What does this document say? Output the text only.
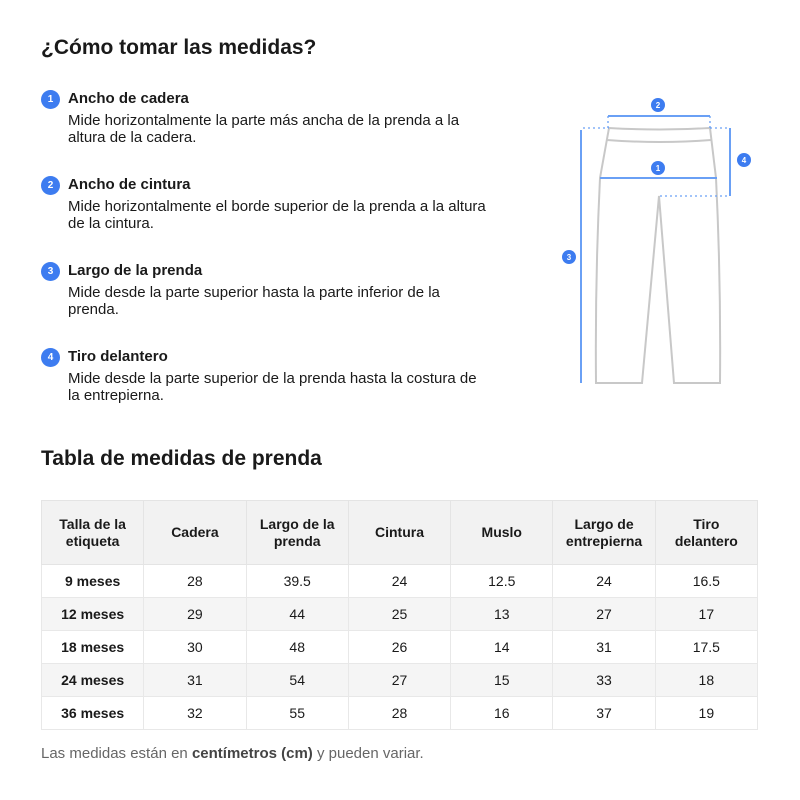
¿Cómo tomar las medidas?
1 Ancho de cadera
Mide horizontalmente la parte más ancha de la prenda a la altura de la cadera.
2 Ancho de cintura
Mide horizontalmente el borde superior de la prenda a la altura de la cintura.
3 Largo de la prenda
Mide desde la parte superior hasta la parte inferior de la prenda.
4 Tiro delantero
Mide desde la parte superior de la prenda hasta la costura de la entrepierna.
2
1
3
4
Tabla de medidas de prenda
Talla de la etiqueta	Cadera	Largo de la prenda	Cintura	Muslo	Largo de entrepierna	Tiro delantero
9 meses	28	39.5	24	12.5	24	16.5
12 meses	29	44	25	13	27	17
18 meses	30	48	26	14	31	17.5
24 meses	31	54	27	15	33	18
36 meses	32	55	28	16	37	19
Las medidas están en centímetros (cm) y pueden variar.
